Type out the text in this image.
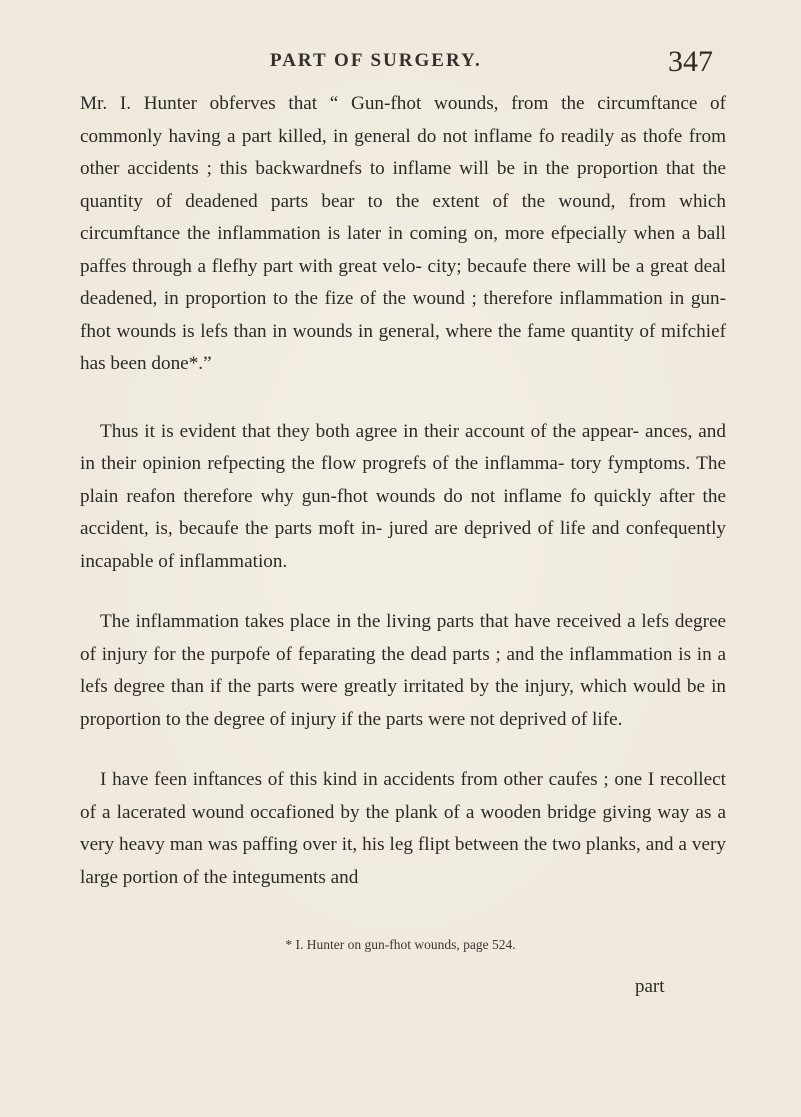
PART OF SURGERY.	347

Mr. I. Hunter obferves that “ Gun-fhot wounds, from the circumftance of commonly having a part killed, in general do not inflame fo readily as thofe from other accidents ; this backwardnefs to inflame will be in the proportion that the quantity of deadened parts bear to the extent of the wound, from which circumftance the inflammation is later in coming on, more efpecially when a ball paffes through a flefhy part with great velo- city; becaufe there will be a great deal deadened, in proportion to the fize of the wound ; therefore inflammation in gun-fhot wounds is lefs than in wounds in general, where the fame quantity of mifchief has been done*.”

Thus it is evident that they both agree in their account of the appear- ances, and in their opinion refpecting the flow progrefs of the inflamma- tory fymptoms. The plain reafon therefore why gun-fhot wounds do not inflame fo quickly after the accident, is, becaufe the parts moft in- jured are deprived of life and confequently incapable of inflammation.

The inflammation takes place in the living parts that have received a lefs degree of injury for the purpofe of feparating the dead parts ; and the inflammation is in a lefs degree than if the parts were greatly irritated by the injury, which would be in proportion to the degree of injury if the parts were not deprived of life.

I have feen inftances of this kind in accidents from other caufes ; one I recollect of a lacerated wound occafioned by the plank of a wooden bridge giving way as a very heavy man was paffing over it, his leg flipt between the two planks, and a very large portion of the integuments and

* I. Hunter on gun-fhot wounds, page 524.
part
